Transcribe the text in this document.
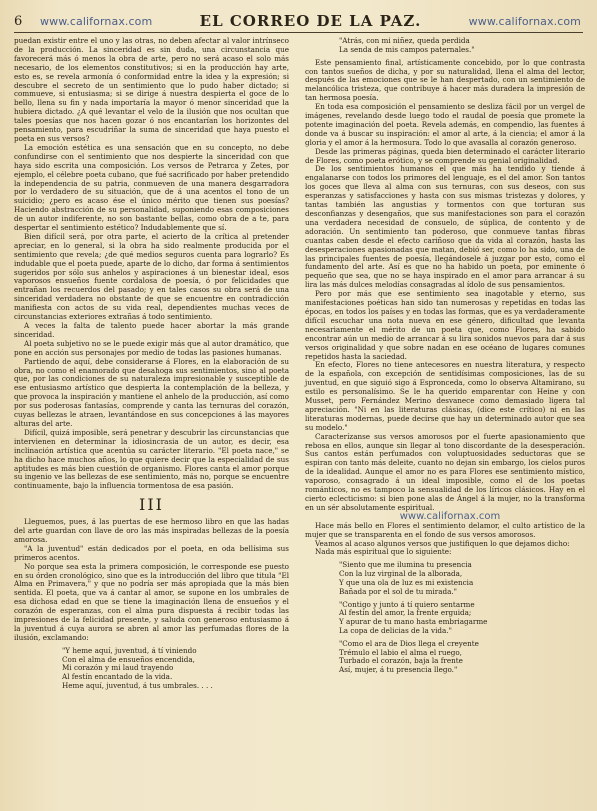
6	www.californax.com	EL CORREO DE LA PAZ.	www.californax.com

puedan existir entre el uno y las otras, no deben afectar al valor intrínseco de la producción. La sinceridad es sin duda, una circunstancia que favorecerá más ó menos la obra de arte, pero no será acaso el solo más necesario, de los elementos constitutivos; si en la producción hay arte, esto es, se revela armonía ó conformidad entre la idea y la expresión; si descubre el secreto de un sentimiento que lo pudo haber dictado; si commueve, si entusiasma; si se dirige á nuestra despierta el goce de lo bello, llena su fin y nada importaría la mayor ó menor sinceridad que la hubiera dictado. ¿A qué levantar el velo de la ilusión que nos ocultan que tales poesías que nos hacen gozar ó nos encantarían los horizontes del pensamiento, para escudriñar la suma de sinceridad que haya puesto el poeta en sus versos?

La emoción estética es una sensación que en su concepto, no debe confundirse con el sentimiento que nos despierte la sinceridad con que haya sido escrita una composición. Los versos de Petrarca y Zetes, por ejemplo, el célebre poeta cubano, que fué sacrificado por haber pretendido la independencia de su patria, conmueven de una manera desgarradora por lo verdadero de su situación, que de á una acentos el tono de un suicidio; ¿pero es acaso ése el único mérito que tienen sus poesías? Haciendo abstracción de su personalidad, suponiendo esas composiciones de un autor indiferente, no son bastante bellas, como obra de a te, para despertar el sentimiento estético? Indudablemente que sí.

Bien difícil será, por otra parte, el acierto de la crítica al pretender apreciar, en lo general, si la obra ha sido realmente producida por el sentimiento que revela; ¿de qué medios seguros cuenta para lograrlo? Es indudable que el poeta puede, aparte de lo dicho, dar forma á sentimientos sugeridos por sólo sus anhelos y aspiraciones á un bienestar ideal, esos vaporosos ensueños fuente cordalosa de poesía, ó por felicidades que entrañan los recuerdos del pasado; y en tales casos su obra será de una sinceridad verdadera no obstante de que se encuentre en contradicción manifiesta con actos de su vida real, dependientes muchas veces de circunstancias exteriores extrañas á todo sentimiento.

A veces la falta de talento puede hacer abortar la más grande sinceridad.

Al poeta subjetivo no se le puede exigir más que al autor dramático, que pone en acción sus personajes por medio de todas las pasiones humanas.

Partiendo de aquí, debe considerarse á Flores, en la elaboración de su obra, no como el enamorado que desahoga sus sentimientos, sino al poeta que, por las condiciones de su naturaleza impresionable y susceptible de ese entusiasmo artístico que despierta la contemplación de la belleza, y que provoca la inspiración y mantiene el anhelo de la producción, así como por sus poderosas fantasías, comprende y canta las ternuras del corazón, cuyas bellezas le atraen, levantándose en sus concepciones á las mayores alturas del arte.

Difícil, quizá imposible, será penetrar y descubrir las circunstancias que intervienen en determinar la idiosincrasia de un autor, es decir, esa inclinación artística que acentúa su carácter literario. "El poeta nace," se ha dicho hace muchos años, lo que quiere decir que la especialidad de sus aptitudes es más bien cuestión de organismo. Flores canta el amor porque su ingenio ve las bellezas de ese sentimiento, más no, porque se encuentre continuamente, bajo la influencia tormentosa de esa pasión.

III

Lleguemos, pues, á las puertas de ese hermoso libro en que las hadas del arte guardan con llave de oro las más inspiradas bellezas de la poesía amorosa.

"A la juventud" están dedicados por el poeta, en oda bellísima sus primeros acentos.

No porque sea esta la primera composición, le corresponde ese puesto en su órden cronológico, sino que es la introducción del libro que titula "El Alma en Primavera," y que no podría ser más apropiada que la más bien sentida. El poeta, que va á cantar al amor, se supone en los umbrales de esa dichosa edad en que se tiene la imaginación llena de ensueños y el corazón de esperanzas, con el alma pura dispuesta á recibir todas las impresiones de la felicidad presente, y saluda con generoso entusiasmo á la juventud á cuya aurora se abren al amor las perfumadas flores de la ilusión, exclamando:

"Y heme aquí, juventud, á tí viniendo
Con el alma de ensueños encendida,
Mi corazón y mi laud trayendo
Al festín encantado de la vida.
Heme aquí, juventud, á tus umbrales. . . .
"Atrás, con mi niñez, queda perdida
La senda de mis campos paternales."

Este pensamiento final, artísticamente concebido, por lo que contrasta con tantos sueños de dicha, y por su naturalidad, llena el alma del lector, después de las emociones que se le han despertado, con un sentimiento de melancólica tristeza, que contribuye á hacer más duradera la impresión de tan hermosa poesía.

En toda esa composición el pensamiento se desliza fácil por un vergel de imágenes, revelando desde luego todo el raudal de poesía que promete la potente imaginación del poeta. Revela además, en compendio, las fuentes á donde va á buscar su inspiración: el amor al arte, á la ciencia; el amor á la gloria y el amor á la hermosura. Todo lo que avasalla al corazón generoso.

Desde las primeras páginas, queda bien determinado el carácter literario de Flores, como poeta erótico, y se comprende su genial originalidad.

De los sentimientos humanos el que más ha tendido y tiende á engalanarse con todos los primores del lenguaje, es el del amor. Son tantos los goces que lleva al alma con sus ternuras, con sus deseos, con sus esperanzas y satisfacciones y hasta con sus mismas tristezas y dolores, y tantas también las angustias y tormentos con que torturan sus desconfianzas y desengaños, que sus manifestaciones son para el corazón una verdadera necesidad de consuelo, de súplica, de contento y de adoración. Un sentimiento tan poderoso, que conmueve tantas fibras cuantas caben desde el efecto cariñoso que da vida al corazón, hasta las desesperaciones apasionadas que matan, debió ser, como lo ha sido, una de las principales fuentes de poesía, llegándosele á juzgar por esto, como el fundamento del arte. Así es que no ha habido un poeta, por eminente ó pequeño que sea, que no se haya inspirado en el amor para arrancar á su lira las más dulces melodías consagradas al ídolo de sus pensamientos.

Pero por más que ese sentimiento sea inagotable y eterno, sus manifestaciones poéticas han sido tan numerosas y repetidas en todas las épocas, en todos los países y en todas las formas, que es ya verdaderamente difícil escuchar una nota nueva en ese género, dificultad que levanta necesariamente el mérito de un poeta que, como Flores, ha sabido encontrar aún un medio de arrancar á su lira sonidos nuevos para dar á sus versos originalidad y que sobre nadan en ese océano de lugares comunes repetidos hasta la saciedad.

En efecto, Flores no tiene antecesores en nuestra literatura, y respecto de la española, con excepción de sentidísimas composiciones, las de su juventud, en que siguió sigo á Espronceda, como lo observa Altamirano, su estilo es personalísimo. Se le ha querido emparentar con Heine y con Musset, pero Fernández Merino desvanece como demasiado ligera tal apreciación. "Ni en las literaturas clásicas, (dice este crítico) ni en las literaturas modernas, puede decirse que hay un determinado autor que sea su modelo."

Caracterízanse sus versos amorosos por el fuerte apasionamiento que rebosa en ellos, aunque sin llegar al tono discordante de la desesperación. Sus cantos están perfumados con voluptuosidades seductoras que se espiran con tanto más deleite, cuanto no dejan sin embargo, los cielos puros de la idealidad. Aunque el amor no es para Flores ese sentimiento místico, vaporoso, consagrado á un ideal imposible, como el de los poetas románticos, no es tampoco la sensualidad de los líricos clásicos. Hay en el cierto eclecticismo: si bien pone alas de Ángel á la mujer, no la transforma en un sér absolutamente espiritual.

www.californax.com

Hace más bello en Flores el sentimiento delamor, el culto artístico de la mujer que se transparenta en el fondo de sus versos amorosos.

Veamos al acaso algunos versos que justifiquen lo que dejamos dicho:

Nada más espiritual que lo siguiente:

"Siento que me ilumina tu presencia
Con la luz virginal de la alborada,
Y que una ola de luz es mi existencia
Bañada por el sol de tu mirada."
"Contigo y junto á tí quiero sentarme
Al festín del amor, la frente erguida;
Y apurar de tu mano hasta embriagarme
La copa de delicias de la vida."
"Como el ara de Dios llega el creyente
Trémulo el labio el alma el ruego,
Turbado el corazón, baja la frente
Así, mujer, á tu presencia llego."
